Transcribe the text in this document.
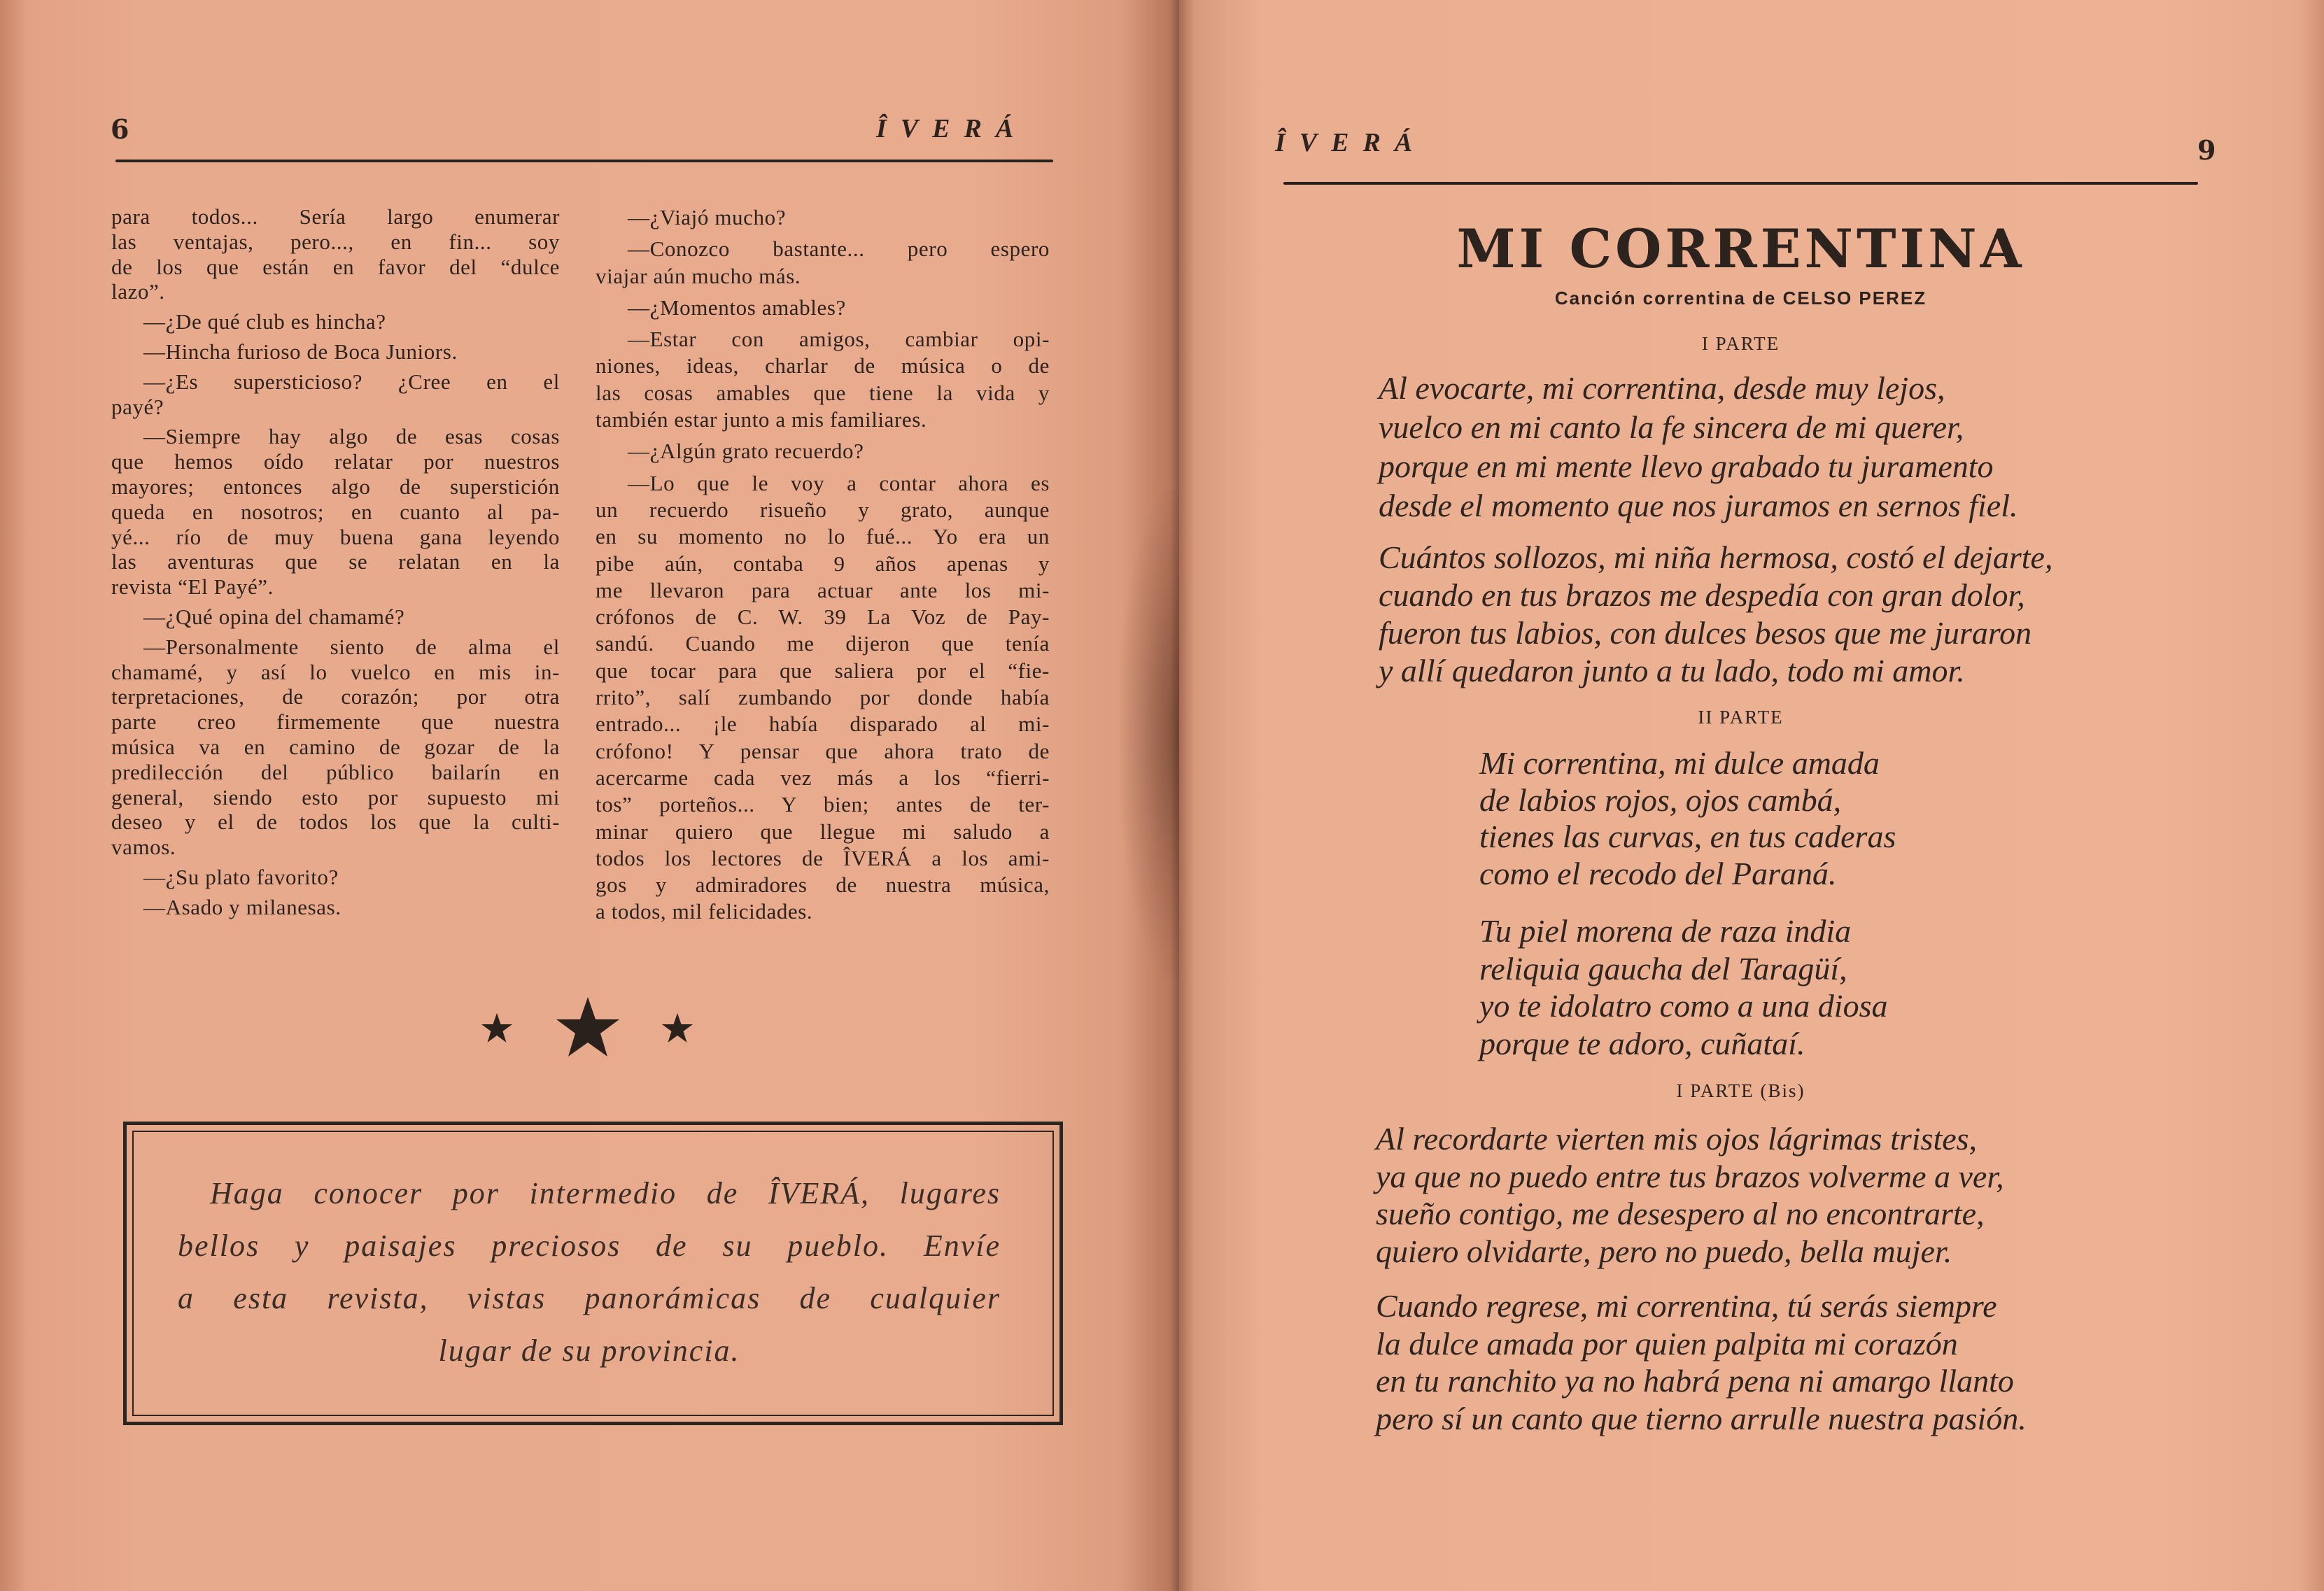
6	ÎVERÁ
para todos... Sería largo enumerar
las ventajas, pero..., en fin... soy
de los que están en favor del “dulce
lazo”.
—¿De qué club es hincha?
—Hincha furioso de Boca Juniors.
—¿Es supersticioso? ¿Cree en el
payé?
—Siempre hay algo de esas cosas
que hemos oído relatar por nuestros
mayores; entonces algo de superstición
queda en nosotros; en cuanto al pa-
yé... río de muy buena gana leyendo
las aventuras que se relatan en la
revista “El Payé”.
—¿Qué opina del chamamé?
—Personalmente siento de alma el
chamamé, y así lo vuelco en mis in-
terpretaciones, de corazón; por otra
parte creo firmemente que nuestra
música va en camino de gozar de la
predilección del público bailarín en
general, siendo esto por supuesto mi
deseo y el de todos los que la culti-
vamos.
—¿Su plato favorito?
—Asado y milanesas.
—¿Viajó mucho?
—Conozco bastante... pero espero
viajar aún mucho más.
—¿Momentos amables?
—Estar con amigos, cambiar opi-
niones, ideas, charlar de música o de
las cosas amables que tiene la vida y
también estar junto a mis familiares.
—¿Algún grato recuerdo?
—Lo que le voy a contar ahora es
un recuerdo risueño y grato, aunque
en su momento no lo fué... Yo era un
pibe aún, contaba 9 años apenas y
me llevaron para actuar ante los mi-
crófonos de C. W. 39 La Voz de Pay-
sandú. Cuando me dijeron que tenía
que tocar para que saliera por el “fie-
rrito”, salí zumbando por donde había
entrado... ¡le había disparado al mi-
crófono! Y pensar que ahora trato de
acercarme cada vez más a los “fierri-
tos” porteños... Y bien; antes de ter-
minar quiero que llegue mi saludo a
todos los lectores de ÎVERÁ a los ami-
gos y admiradores de nuestra música,
a todos, mil felicidades.
Haga conocer por intermedio de ÎVERÁ, lugares
bellos y paisajes preciosos de su pueblo. Envíe
a esta revista, vistas panorámicas de cualquier
lugar de su provincia.
ÎVERÁ	9
MI CORRENTINA
Canción correntina de CELSO PEREZ
I PARTE
II PARTE
I PARTE (Bis)
Al evocarte, mi correntina, desde muy lejos,
vuelco en mi canto la fe sincera de mi querer,
porque en mi mente llevo grabado tu juramento
desde el momento que nos juramos en sernos fiel.
Cuántos sollozos, mi niña hermosa, costó el dejarte,
cuando en tus brazos me despedía con gran dolor,
fueron tus labios, con dulces besos que me juraron
y allí quedaron junto a tu lado, todo mi amor.
Mi correntina, mi dulce amada
de labios rojos, ojos cambá,
tienes las curvas, en tus caderas
como el recodo del Paraná.
Tu piel morena de raza india
reliquia gaucha del Taragüí,
yo te idolatro como a una diosa
porque te adoro, cuñataí.
Al recordarte vierten mis ojos lágrimas tristes,
ya que no puedo entre tus brazos volverme a ver,
sueño contigo, me desespero al no encontrarte,
quiero olvidarte, pero no puedo, bella mujer.
Cuando regrese, mi correntina, tú serás siempre
la dulce amada por quien palpita mi corazón
en tu ranchito ya no habrá pena ni amargo llanto
pero sí un canto que tierno arrulle nuestra pasión.
